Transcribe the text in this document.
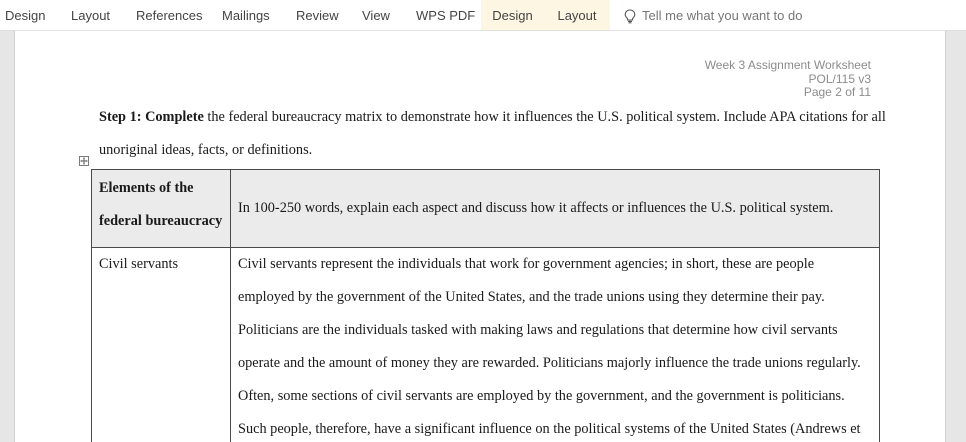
Design Layout References Mailings Review View WPS PDF	Design	Layout	Tell me what you want to do
Week 3 Assignment Worksheet
POL/115 v3
Page 2 of 11
Step 1: Complete the federal bureaucracy matrix to demonstrate how it influences the U.S. political system. Include APA citations for all unoriginal ideas, facts, or definitions.
Elements of the federal bureaucracy	In 100-250 words, explain each aspect and discuss how it affects or influences the U.S. political system.
Civil servants	Civil servants represent the individuals that work for government agencies; in short, these are people employed by the government of the United States, and the trade unions using they determine their pay. Politicians are the individuals tasked with making laws and regulations that determine how civil servants operate and the amount of money they are rewarded. Politicians majorly influence the trade unions regularly. Often, some sections of civil servants are employed by the government, and the government is politicians. Such people, therefore, have a significant influence on the political systems of the United States (Andrews et
